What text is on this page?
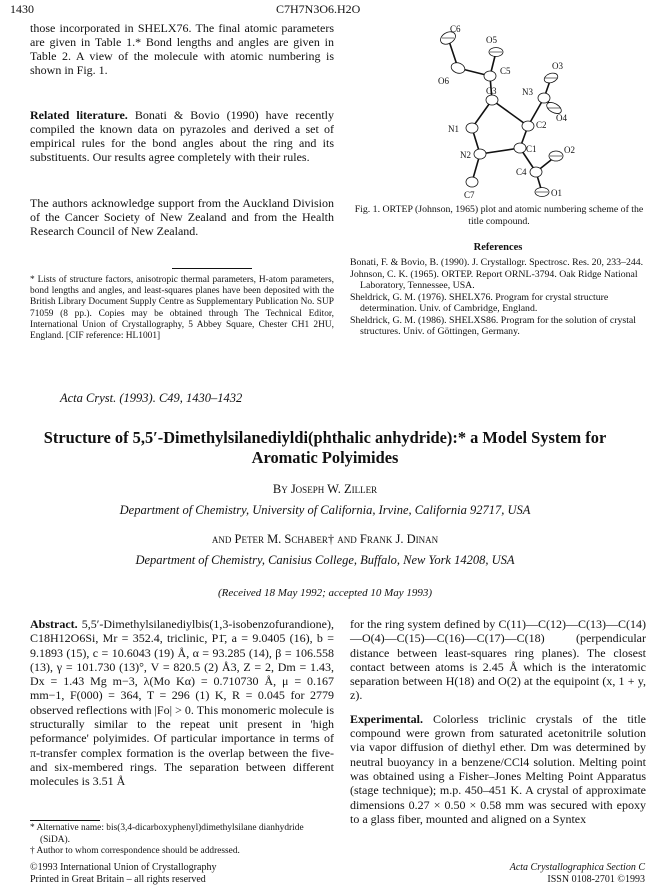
1430	C7H7N3O6.H2O
those incorporated in SHELX76. The final atomic parameters are given in Table 1.* Bond lengths and angles are given in Table 2. A view of the molecule with atomic numbering is shown in Fig. 1.
Related literature. Bonati & Bovio (1990) have recently compiled the known data on pyrazoles and derived a set of empirical rules for the bond angles about the ring and its substituents. Our results agree completely with their rules.
The authors acknowledge support from the Auckland Division of the Cancer Society of New Zealand and from the Health Research Council of New Zealand.
* Lists of structure factors, anisotropic thermal parameters, H-atom parameters, bond lengths and angles, and least-squares planes have been deposited with the British Library Document Supply Centre as Supplementary Publication No. SUP 71059 (8 pp.). Copies may be obtained through The Technical Editor, International Union of Crystallography, 5 Abbey Square, Chester CH1 2HU, England. [CIF reference: HL1001]
C6
O5
C5
O6
O3
N3
O4
C3
N1	C2
N2
C1	O2
C4
C7	O1
Fig. 1. ORTEP (Johnson, 1965) plot and atomic numbering scheme of the title compound.
References

Bonati, F. & Bovio, B. (1990). J. Crystallogr. Spectrosc. Res. 20, 233–244.

Johnson, C. K. (1965). ORTEP. Report ORNL-3794. Oak Ridge National Laboratory, Tennessee, USA.

Sheldrick, G. M. (1976). SHELX76. Program for crystal structure determination. Univ. of Cambridge, England.

Sheldrick, G. M. (1986). SHELXS86. Program for the solution of crystal structures. Univ. of Göttingen, Germany.

Acta Cryst. (1993). C49, 1430–1432
Structure of 5,5′-Dimethylsilanediyldi(phthalic anhydride):* a Model System for Aromatic Polyimides
By Joseph W. Ziller
Department of Chemistry, University of California, Irvine, California 92717, USA
and Peter M. Schaber† and Frank J. Dinan
Department of Chemistry, Canisius College, Buffalo, New York 14208, USA
(Received 18 May 1992; accepted 10 May 1993)
Abstract. 5,5′-Dimethylsilanediylbis(1,3-isobenzofurandione), C18H12O6Si, Mr = 352.4, triclinic, P1̄, a = 9.0405 (16), b = 9.1893 (15), c = 10.6043 (19) Å, α = 93.285 (14), β = 106.558 (13), γ = 101.730 (13)°, V = 820.5 (2) Å3, Z = 2, Dm = 1.43, Dx = 1.43 Mg m−3, λ(Mo Kα) = 0.710730 Å, μ = 0.167 mm−1, F(000) = 364, T = 296 (1) K, R = 0.045 for 2779 observed reflections with |Fo| > 0. This monomeric molecule is structurally similar to the repeat unit present in 'high peformance' polyimides. Of particular importance in terms of π-transfer complex formation is the overlap between the five- and six-membered rings. The separation between different molecules is 3.51 Å

* Alternative name: bis(3,4-dicarboxyphenyl)dimethylsilane dianhydride (SiDA).

† Author to whom correspondence should be addressed.

for the ring system defined by C(11)—C(12)—C(13)—C(14)—O(4)—C(15)—C(16)—C(17)—C(18) (perpendicular distance between least-squares ring planes). The closest contact between atoms is 2.45 Å which is the interatomic separation between H(18) and O(2) at the equipoint (x, 1 + y, z).

Experimental. Colorless triclinic crystals of the title compound were grown from saturated acetonitrile solution via vapor diffusion of diethyl ether. Dm was determined by neutral buoyancy in a benzene/CCl4 solution. Melting point was obtained using a Fisher–Jones Melting Point Apparatus (stage technique); m.p. 450–451 K. A crystal of approximate dimensions 0.27 × 0.50 × 0.58 mm was secured with epoxy to a glass fiber, mounted and aligned on a Syntex

©1993 International Union of Crystallography
Printed in Great Britain – all rights reserved
Acta Crystallographica Section C
ISSN 0108-2701 ©1993
